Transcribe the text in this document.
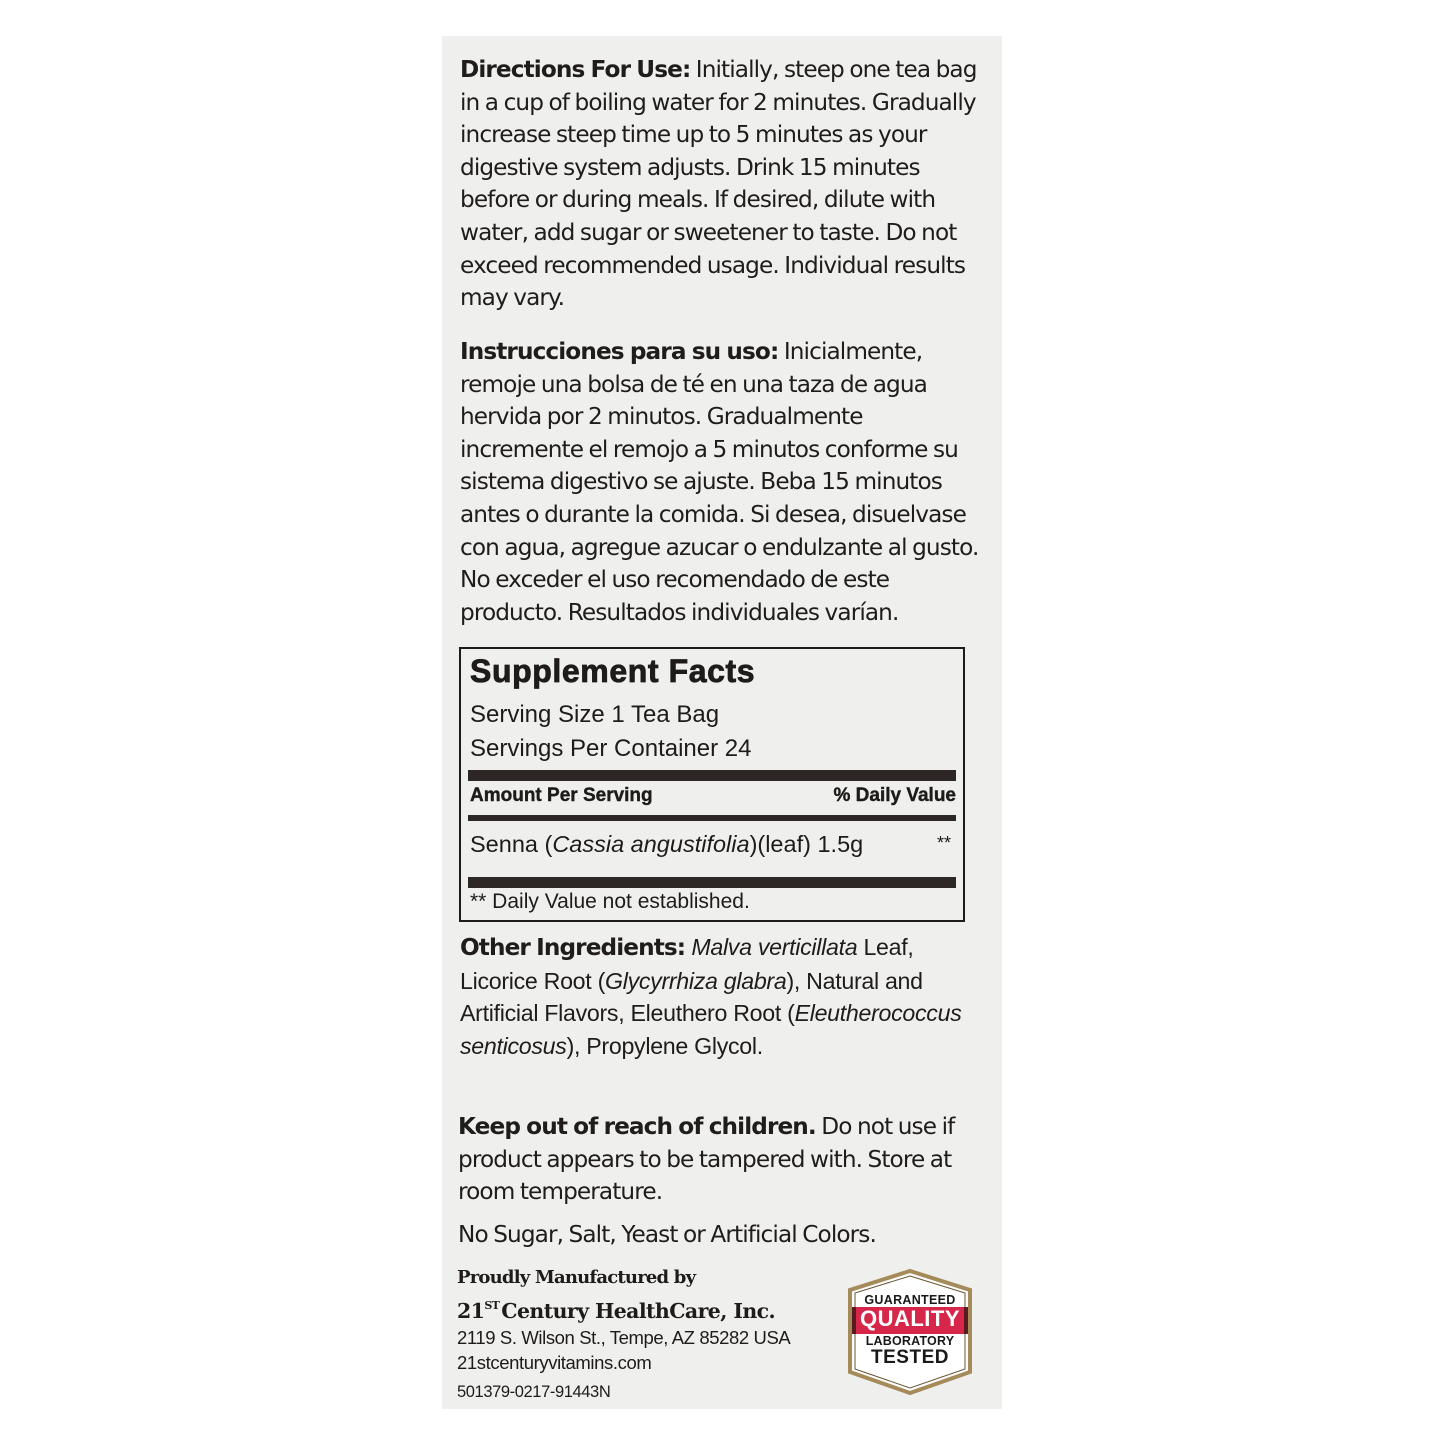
Directions For Use: Initially, steep one tea bag in a cup of boiling water for 2 minutes. Gradually increase steep time up to 5 minutes as your digestive system adjusts. Drink 15 minutes before or during meals. If desired, dilute with water, add sugar or sweetener to taste. Do not exceed recommended usage. Individual results may vary.
Instrucciones para su uso: Inicialmente, remoje una bolsa de té en una taza de agua hervida por 2 minutos. Gradualmente incremente el remojo a 5 minutos conforme su sistema digestivo se ajuste. Beba 15 minutos antes o durante la comida. Si desea, disuelvase con agua, agregue azucar o endulzante al gusto. No exceder el uso recomendado de este producto. Resultados individuales varían.
Supplement Facts
Serving Size 1 Tea Bag
Servings Per Container 24
Amount Per Serving	% Daily Value
Senna (Cassia angustifolia)(leaf) 1.5g	**
** Daily Value not established.
Other Ingredients: Malva verticillata Leaf, Licorice Root (Glycyrrhiza glabra), Natural and Artificial Flavors, Eleuthero Root (Eleutherococcus senticosus), Propylene Glycol.
Keep out of reach of children. Do not use if product appears to be tampered with. Store at room temperature.
No Sugar, Salt, Yeast or Artificial Colors.
Proudly Manufactured by
21STCentury HealthCare, Inc.
2119 S. Wilson St., Tempe, AZ 85282 USA
21stcenturyvitamins.com
501379-0217-91443N
GUARANTEED
QUALITY
LABORATORY
TESTED
